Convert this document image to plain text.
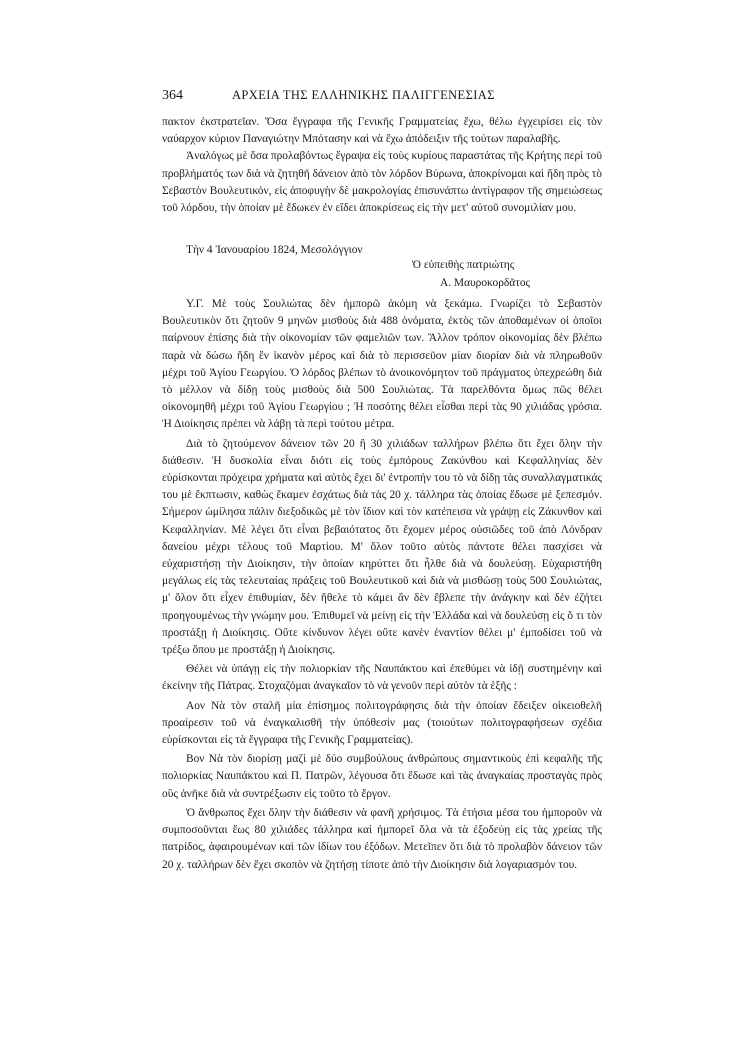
364	ΑΡΧΕΙΑ ΤΗΣ ΕΛΛΗΝΙΚΗΣ ΠΑΛΙΓΓΕΝΕΣΙΑΣ

πακτον ἐκστρατεῖαν. Ὅσα ἔγγραφα τῆς Γενικῆς Γραμματείας ἔχω, θέλω ἐγχειρίσει εἰς τὸν ναύαρχον κύριον Παναγιώτην Μπότασην καὶ νὰ ἔχω ἀπόδειξιν τῆς τούτων παραλαβῆς.

Ἀναλόγως μὲ ὅσα προλαβόντως ἔγραψα εἰς τοὺς κυρίους παραστάτας τῆς Κρήτης περὶ τοῦ προβλήματός των διὰ νὰ ζητηθῆ δάνειον ἀπὸ τὸν λόρδον Βύρωνα, ἀποκρίνομαι καὶ ἤδη πρὸς τὸ Σεβαστὸν Βουλευτικόν, εἰς ἀποφυγὴν δὲ μακρολογίας ἐπισυνάπτω ἀντίγραφον τῆς σημειώσεως τοῦ λόρδου, τὴν ὁποίαν μὲ ἔδωκεν ἐν εἴδει ἀποκρίσεως εἰς τὴν μετ' αὐτοῦ συνομιλίαν μου.

Τὴν 4 Ἰανουαρίου 1824, Μεσολόγγιον
Ὁ εὐπειθὴς πατριώτης
Α. Μαυροκορδᾶτος

Υ.Γ. Μὲ τοὺς Σουλιώτας δὲν ἠμπορῶ ἀκόμη νὰ ξεκάμω. Γνωρίζει τὸ Σεβαστὸν Βουλευτικὸν ὅτι ζητοῦν 9 μηνῶν μισθοὺς διὰ 488 ὀνόματα, ἐκτὸς τῶν ἀποθαμένων οἱ ὁποῖοι παίρνουν ἐπίσης διὰ τὴν οἰκονομίαν τῶν φαμελιῶν των. Ἄλλον τρόπον οἰκονομίας δὲν βλέπω παρὰ νὰ δώσω ἤδη ἓν ἱκανὸν μέρος καὶ διὰ τὸ περισσεῦον μίαν διορίαν διὰ νὰ πληρωθοῦν μέχρι τοῦ Ἁγίου Γεωργίου. Ὁ λόρδος βλέπων τὸ ἀνοικονόμητον τοῦ πράγματος ὑπεχρεώθη διὰ τὸ μέλλον νὰ δίδῃ τοὺς μισθοὺς διὰ 500 Σουλιώτας. Τὰ παρελθόντα ὅμως πῶς θέλει οἰκονομηθῆ μέχρι τοῦ Ἁγίου Γεωργίου ; Ἡ ποσότης θέλει εἶσθαι περὶ τὰς 90 χιλιάδας γρόσια. Ἡ Διοίκησις πρέπει νὰ λάβῃ τὰ περὶ τούτου μέτρα.

Διὰ τὸ ζητούμενον δάνειον τῶν 20 ἢ 30 χιλιάδων ταλλήρων βλέπω ὅτι ἔχει ὅλην τὴν διάθεσιν. Ἡ δυσκολία εἶναι διότι εἰς τοὺς ἐμπόρους Ζακύνθου καὶ Κεφαλληνίας δὲν εὑρίσκονται πρόχειρα χρήματα καὶ αὐτὸς ἔχει δι' ἐντροπήν του τὸ νὰ δίδῃ τὰς συναλλαγματικάς του μὲ ἔκπτωσιν, καθὼς ἔκαμεν ἐσχάτως διὰ τὰς 20 χ. τάλληρα τὰς ὁποίας ἔδωσε μὲ ξεπεσμόν. Σήμερον ὡμίλησα πάλιν διεξοδικῶς μὲ τὸν ἴδιον καὶ τὸν κατέπεισα νὰ γράψῃ εἰς Ζάκυνθον καὶ Κεφαλληνίαν. Μὲ λέγει ὅτι εἶναι βεβαιότατος ὅτι ἔχομεν μέρος οὐσιῶδες τοῦ ἀπὸ Λόνδραν δανείου μέχρι τέλους τοῦ Μαρτίου. Μ' ὅλον τοῦτο αὐτὸς πάντοτε θέλει πασχίσει νὰ εὐχαριστήσῃ τὴν Διοίκησιν, τὴν ὁποίαν κηρύττει ὅτι ἦλθε διὰ νὰ δουλεύσῃ. Εὐχαριστήθη μεγάλως εἰς τὰς τελευταίας πράξεις τοῦ Βουλευτικοῦ καὶ διὰ νὰ μισθώσῃ τοὺς 500 Σουλιώτας, μ' ὅλον ὅτι εἶχεν ἐπιθυμίαν, δὲν ἤθελε τὸ κάμει ἂν δὲν ἔβλεπε τὴν ἀνάγκην καὶ δὲν ἐζήτει προηγουμένως τὴν γνώμην μου. Ἐπιθυμεῖ νὰ μείνῃ εἰς τὴν Ἑλλάδα καὶ νὰ δουλεύσῃ εἰς ὅ τι τὸν προστάξῃ ἡ Διοίκησις. Οὔτε κίνδυνον λέγει οὔτε κανὲν ἐναντίον θέλει μ' ἐμποδίσει τοῦ νὰ τρέξω ὅπου με προστάξῃ ἡ Διοίκησις.

Θέλει νὰ ὑπάγῃ εἰς τὴν πολιορκίαν τῆς Ναυπάκτου καὶ ἐπεθύμει νὰ ἰδῇ συστημένην καὶ ἐκείνην τῆς Πάτρας. Στοχαζόμαι ἀναγκαῖον τὸ νὰ γενοῦν περὶ αὐτὸν τὰ ἑξῆς :

Αον Νὰ τὸν σταλῆ μία ἐπίσημος πολιτογράφησις διὰ τὴν ὁποίαν ἔδειξεν οἰκειοθελῆ προαίρεσιν τοῦ νὰ ἐναγκαλισθῆ τὴν ὑπόθεσίν μας (τοιούτων πολιτογραφήσεων σχέδια εὑρίσκονται εἰς τὰ ἔγγραφα τῆς Γενικῆς Γραμματείας).

Βον Νὰ τὸν διορίσῃ μαζὶ μὲ δύο συμβούλους ἀνθρώπους σημαντικοὺς ἐπὶ κεφαλῆς τῆς πολιορκίας Ναυπάκτου καὶ Π. Πατρῶν, λέγουσα ὅτι ἔδωσε καὶ τὰς ἀναγκαίας προσταγὰς πρὸς οὓς ἀνῆκε διὰ νὰ συντρέξωσιν εἰς τοῦτο τὸ ἔργον.

Ὁ ἄνθρωπος ἔχει ὅλην τὴν διάθεσιν νὰ φανῆ χρήσιμος. Τὰ ἐτήσια μέσα του ἠμποροῦν νὰ συμποσοῦνται ἕως 80 χιλιάδες τάλληρα καὶ ἠμπορεῖ ὅλα νὰ τὰ ἐξοδεύῃ εἰς τὰς χρείας τῆς πατρίδος, ἀφαιρουμένων καὶ τῶν ἰδίων του ἐξόδων. Μετεῖπεν ὅτι διὰ τὸ προλαβὸν δάνειον τῶν 20 χ. ταλλήρων δὲν ἔχει σκοπὸν νὰ ζητήσῃ τίποτε ἀπὸ τὴν Διοίκησιν διὰ λογαριασμόν του.
